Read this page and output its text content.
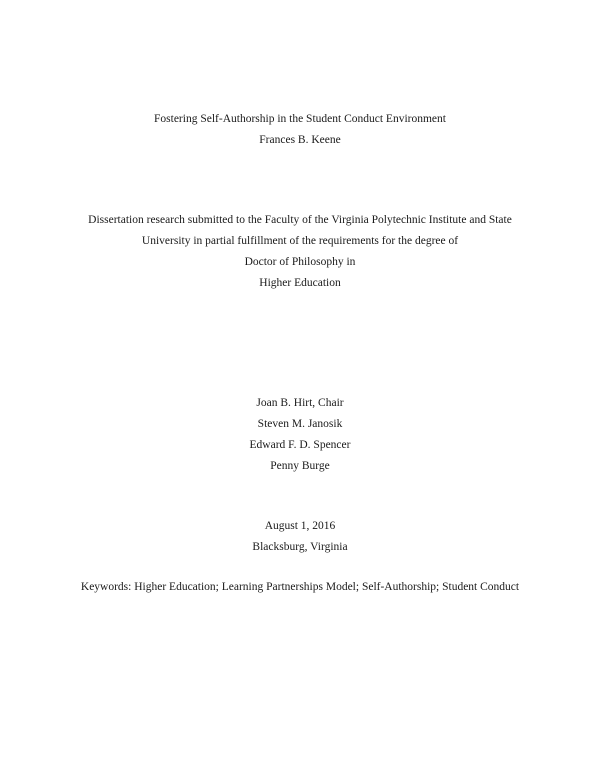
Fostering Self-Authorship in the Student Conduct Environment
Frances B. Keene
Dissertation research submitted to the Faculty of the Virginia Polytechnic Institute and State
University in partial fulfillment of the requirements for the degree of
Doctor of Philosophy in
Higher Education
Joan B. Hirt, Chair
Steven M. Janosik
Edward F. D. Spencer
Penny Burge
August 1, 2016
Blacksburg, Virginia
Keywords: Higher Education; Learning Partnerships Model; Self-Authorship; Student Conduct
